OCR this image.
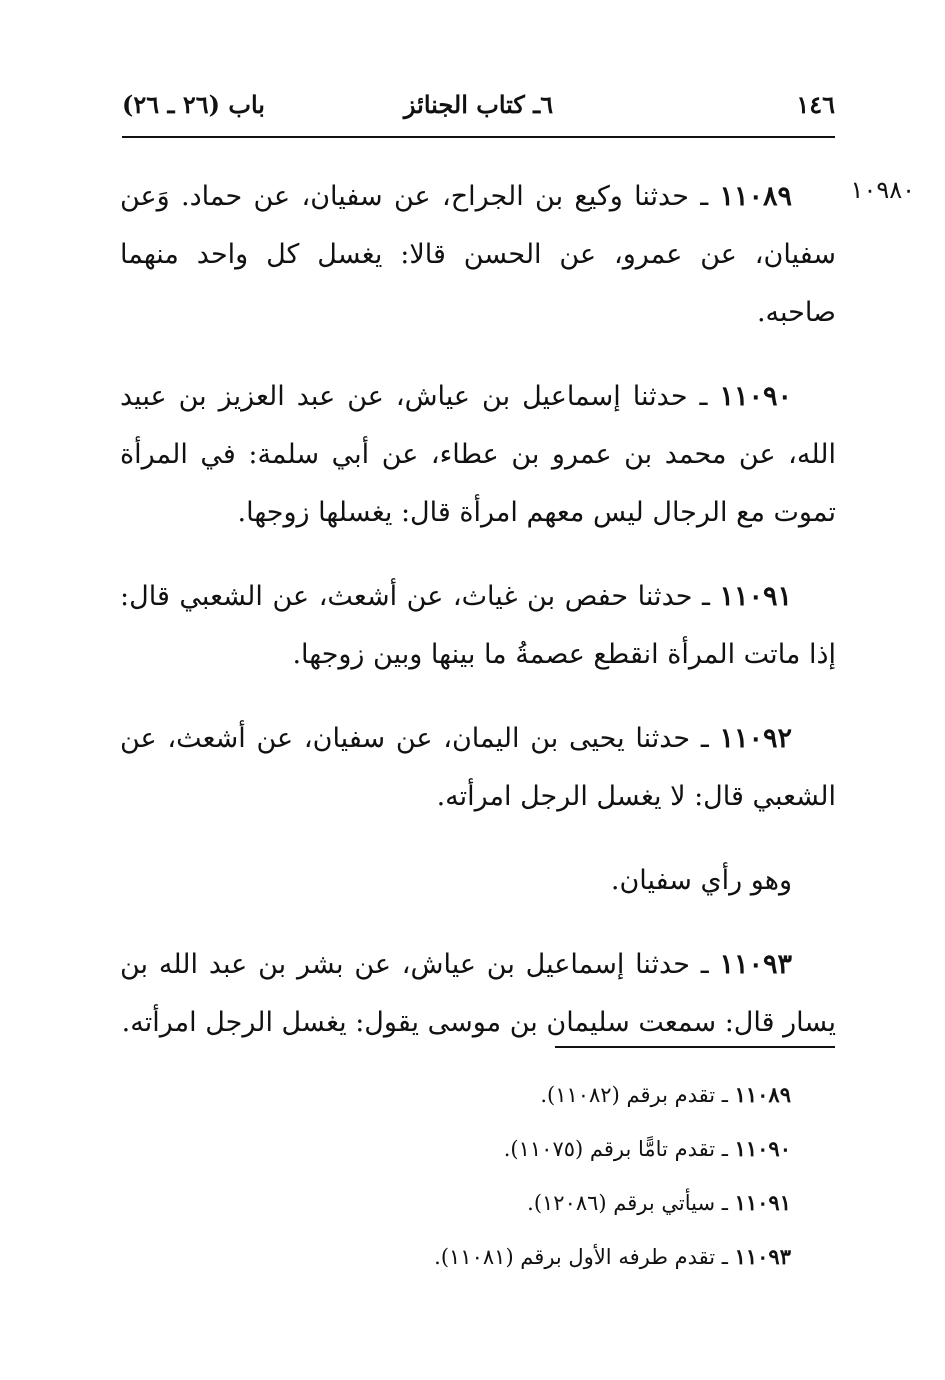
١٤٦
٦ـ كتاب الجنائز
باب (٢٦ ـ ٢٦)
١٠٩٨٠

١١٠٨٩ ـ حدثنا وكيع بن الجراح، عن سفيان، عن حماد. وَعن سفيان، عن عمرو، عن الحسن قالا: يغسل كل واحد منهما صاحبه.

١١٠٩٠ ـ حدثنا إسماعيل بن عياش، عن عبد العزيز بن عبيد الله، عن محمد بن عمرو بن عطاء، عن أبي سلمة: في المرأة تموت مع الرجال ليس معهم امرأة قال: يغسلها زوجها.

١١٠٩١ ـ حدثنا حفص بن غياث، عن أشعث، عن الشعبي قال: إذا ماتت المرأة انقطع عصمةُ ما بينها وبين زوجها.

١١٠٩٢ ـ حدثنا يحيى بن اليمان، عن سفيان، عن أشعث، عن الشعبي قال: لا يغسل الرجل امرأته.

وهو رأي سفيان.

١١٠٩٣ ـ حدثنا إسماعيل بن عياش، عن بشر بن عبد الله بن يسار قال: سمعت سليمان بن موسى يقول: يغسل الرجل امرأته.

١١٠٨٩ ـ تقدم برقم (١١٠٨٢).

١١٠٩٠ ـ تقدم تامًّا برقم (١١٠٧٥).

١١٠٩١ ـ سيأتي برقم (١٢٠٨٦).

١١٠٩٣ ـ تقدم طرفه الأول برقم (١١٠٨١).
